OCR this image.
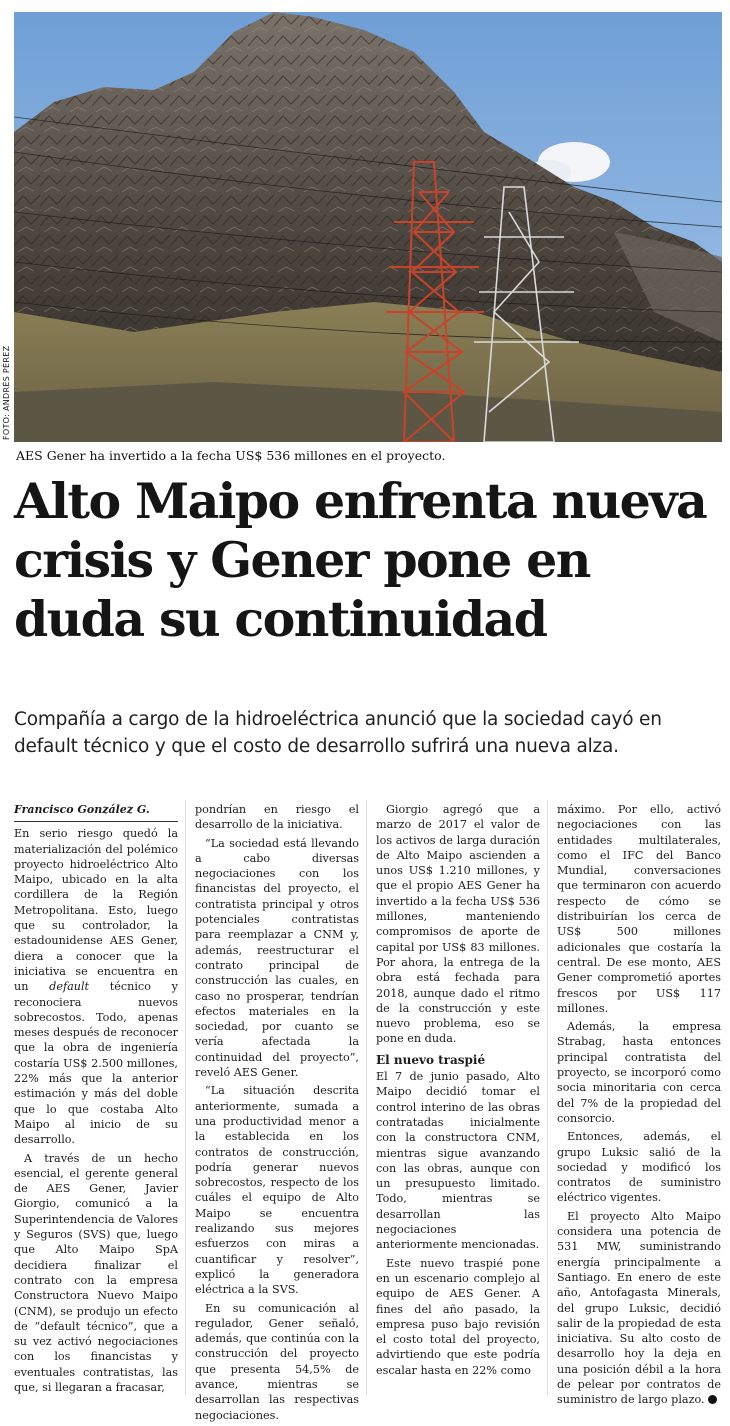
FOTO: ANDRÉS PÉREZ
AES Gener ha invertido a la fecha US$ 536 millones en el proyecto.
Alto Maipo enfrenta nueva crisis y Gener pone en duda su continuidad

Compañía a cargo de la hidroeléctrica anunció que la sociedad cayó en default técnico y que el costo de desarrollo sufrirá una nueva alza.

Francisco González G.

En serio riesgo quedó la materialización del polémico proyecto hidroeléctrico Alto Maipo, ubicado en la alta cordillera de la Región Metropolitana. Esto, luego que su controlador, la estadounidense AES Gener, diera a conocer que la iniciativa se encuentra en un default técnico y reconociera nuevos sobrecostos. Todo, apenas meses después de reconocer que la obra de ingeniería costaría US$ 2.500 millones, 22% más que la anterior estimación y más del doble que lo que costaba Alto Maipo al inicio de su desarrollo.

A través de un hecho esencial, el gerente general de AES Gener, Javier Giorgio, comunicó a la Superintendencia de Valores y Seguros (SVS) que, luego que Alto Maipo SpA decidiera finalizar el contrato con la empresa Constructora Nuevo Maipo (CNM), se produjo un efecto de “default técnico”, que a su vez activó negociaciones con los financistas y eventuales contratistas, las que, si llegaran a fracasar,

pondrían en riesgo el desarrollo de la iniciativa.

“La sociedad está llevando a cabo diversas negociaciones con los financistas del proyecto, el contratista principal y otros potenciales contratistas para reemplazar a CNM y, además, reestructurar el contrato principal de construcción las cuales, en caso no prosperar, tendrían efectos materiales en la sociedad, por cuanto se vería afectada la continuidad del proyecto”, reveló AES Gener.

“La situación descrita anteriormente, sumada a una productividad menor a la establecida en los contratos de construcción, podría generar nuevos sobrecostos, respecto de los cuáles el equipo de Alto Maipo se encuentra realizando sus mejores esfuerzos con miras a cuantificar y resolver”, explicó la generadora eléctrica a la SVS.

En su comunicación al regulador, Gener señaló, además, que continúa con la construcción del proyecto que presenta 54,5% de avance, mientras se desarrollan las respectivas negociaciones.

Giorgio agregó que a marzo de 2017 el valor de los activos de larga duración de Alto Maipo ascienden a unos US$ 1.210 millones, y que el propio AES Gener ha invertido a la fecha US$ 536 millones, manteniendo compromisos de aporte de capital por US$ 83 millones. Por ahora, la entrega de la obra está fechada para 2018, aunque dado el ritmo de la construcción y este nuevo problema, eso se pone en duda.

El nuevo traspié

El 7 de junio pasado, Alto Maipo decidió tomar el control interino de las obras contratadas inicialmente con la constructora CNM, mientras sigue avanzando con las obras, aunque con un presupuesto limitado. Todo, mientras se desarrollan las negociaciones anteriormente mencionadas.

Este nuevo traspié pone en un escenario complejo al equipo de AES Gener. A fines del año pasado, la empresa puso bajo revisión el costo total del proyecto, advirtiendo que este podría escalar hasta en 22% como

máximo. Por ello, activó negociaciones con las entidades multilaterales, como el IFC del Banco Mundial, conversaciones que terminaron con acuerdo respecto de cómo se distribuirían los cerca de US$ 500 millones adicionales que costaría la central. De ese monto, AES Gener comprometió aportes frescos por US$ 117 millones.

Además, la empresa Strabag, hasta entonces principal contratista del proyecto, se incorporó como socia minoritaria con cerca del 7% de la propiedad del consorcio.

Entonces, además, el grupo Luksic salió de la sociedad y modificó los contratos de suministro eléctrico vigentes.

El proyecto Alto Maipo considera una potencia de 531 MW, suministrando energía principalmente a Santiago. En enero de este año, Antofagasta Minerals, del grupo Luksic, decidió salir de la propiedad de esta iniciativa. Su alto costo de desarrollo hoy la deja en una posición débil a la hora de pelear por contratos de suministro de largo plazo.
